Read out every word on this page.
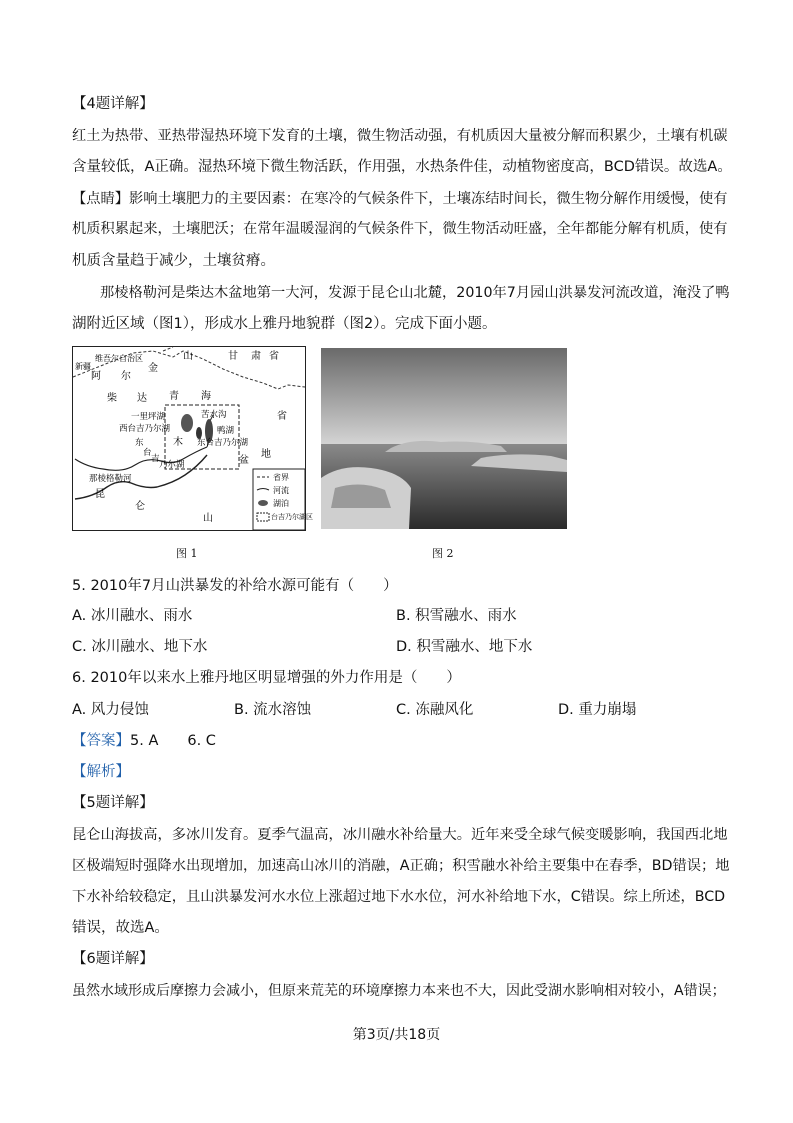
【4题详解】
红土为热带、亚热带湿热环境下发育的土壤，微生物活动强，有机质因大量被分解而积累少，土壤有机碳
含量较低，A正确。湿热环境下微生物活跃，作用强，水热条件佳，动植物密度高，BCD错误。故选A。
【点睛】影响土壤肥力的主要因素：在寒冷的气候条件下，土壤冻结时间长，微生物分解作用缓慢，使有
机质积累起来，土壤肥沃；在常年温暖湿润的气候条件下，微生物活动旺盛，全年都能分解有机质，使有
机质含量趋于减少，土壤贫瘠。
那棱格勒河是柴达木盆地第一大河，发源于昆仑山北麓，2010年7月园山洪暴发河流改道，淹没了鸭
湖附近区域（图1），形成水上雅丹地貌群（图2）。完成下面小题。
新疆
维吾尔自治区
阿 尔
金
山
青
甘 肃 省
柴 达	海
省
木
盆
地
一里坪湖
西台吉乃尔湖
苦水沟
鸭湖
东台吉乃尔湖
东
台
吉
乃尔湖
那棱格勒河
昆
仑
山
省界
河流
湖泊
台吉乃尔湖区
图 1	图 2
5. 2010年7月山洪暴发的补给水源可能有（　　）
A. 冰川融水、雨水	B. 积雪融水、雨水
C. 冰川融水、地下水	D. 积雪融水、地下水
6. 2010年以来水上雅丹地区明显增强的外力作用是（　　）
A. 风力侵蚀	B. 流水溶蚀	C. 冻融风化	D. 重力崩塌
【答案】5. A　　6. C
【解析】
【5题详解】
昆仑山海拔高，多冰川发育。夏季气温高，冰川融水补给量大。近年来受全球气候变暖影响，我国西北地
区极端短时强降水出现增加，加速高山冰川的消融，A正确；积雪融水补给主要集中在春季，BD错误；地
下水补给较稳定，且山洪暴发河水水位上涨超过地下水水位，河水补给地下水，C错误。综上所述，BCD
错误，故选A。
【6题详解】
虽然水域形成后摩擦力会减小，但原来荒芜的环境摩擦力本来也不大，因此受湖水影响相对较小，A错误；
第3页/共18页
